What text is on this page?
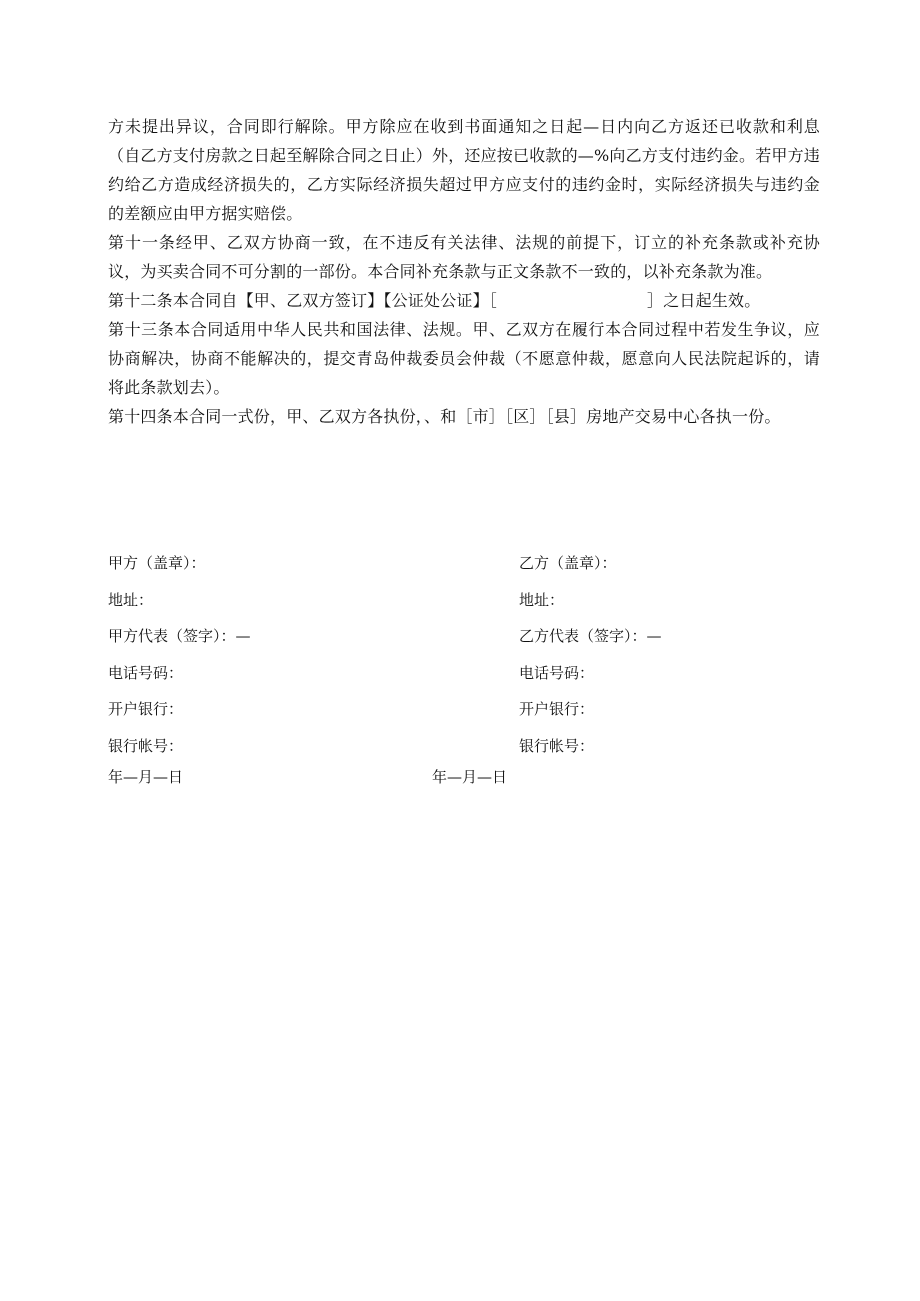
方未提出异议，合同即行解除。甲方除应在收到书面通知之日起—日内向乙方返还已收款和利息（自乙方支付房款之日起至解除合同之日止）外，还应按已收款的—%向乙方支付违约金。若甲方违约给乙方造成经济损失的，乙方实际经济损失超过甲方应支付的违约金时，实际经济损失与违约金的差额应由甲方据实赔偿。

第十一条经甲、乙双方协商一致，在不违反有关法律、法规的前提下，订立的补充条款或补充协议，为买卖合同不可分割的一部份。本合同补充条款与正文条款不一致的，以补充条款为准。

第十二条本合同自【甲、乙双方签订】【公证处公证】［	］之日起生效。

第十三条本合同适用中华人民共和国法律、法规。甲、乙双方在履行本合同过程中若发生争议，应协商解决，协商不能解决的，提交青岛仲裁委员会仲裁（不愿意仲裁，愿意向人民法院起诉的，请将此条款划去）。

第十四条本合同一式份，甲、乙双方各执份，、和［市］［区］［县］房地产交易中心各执一份。

甲方（盖章）：

地址：

甲方代表（签字）：—

电话号码：

开户银行：

银行帐号：

乙方（盖章）：

地址：

乙方代表（签字）：—

电话号码：

开户银行：

银行帐号：

年—月—日	年—月—日
